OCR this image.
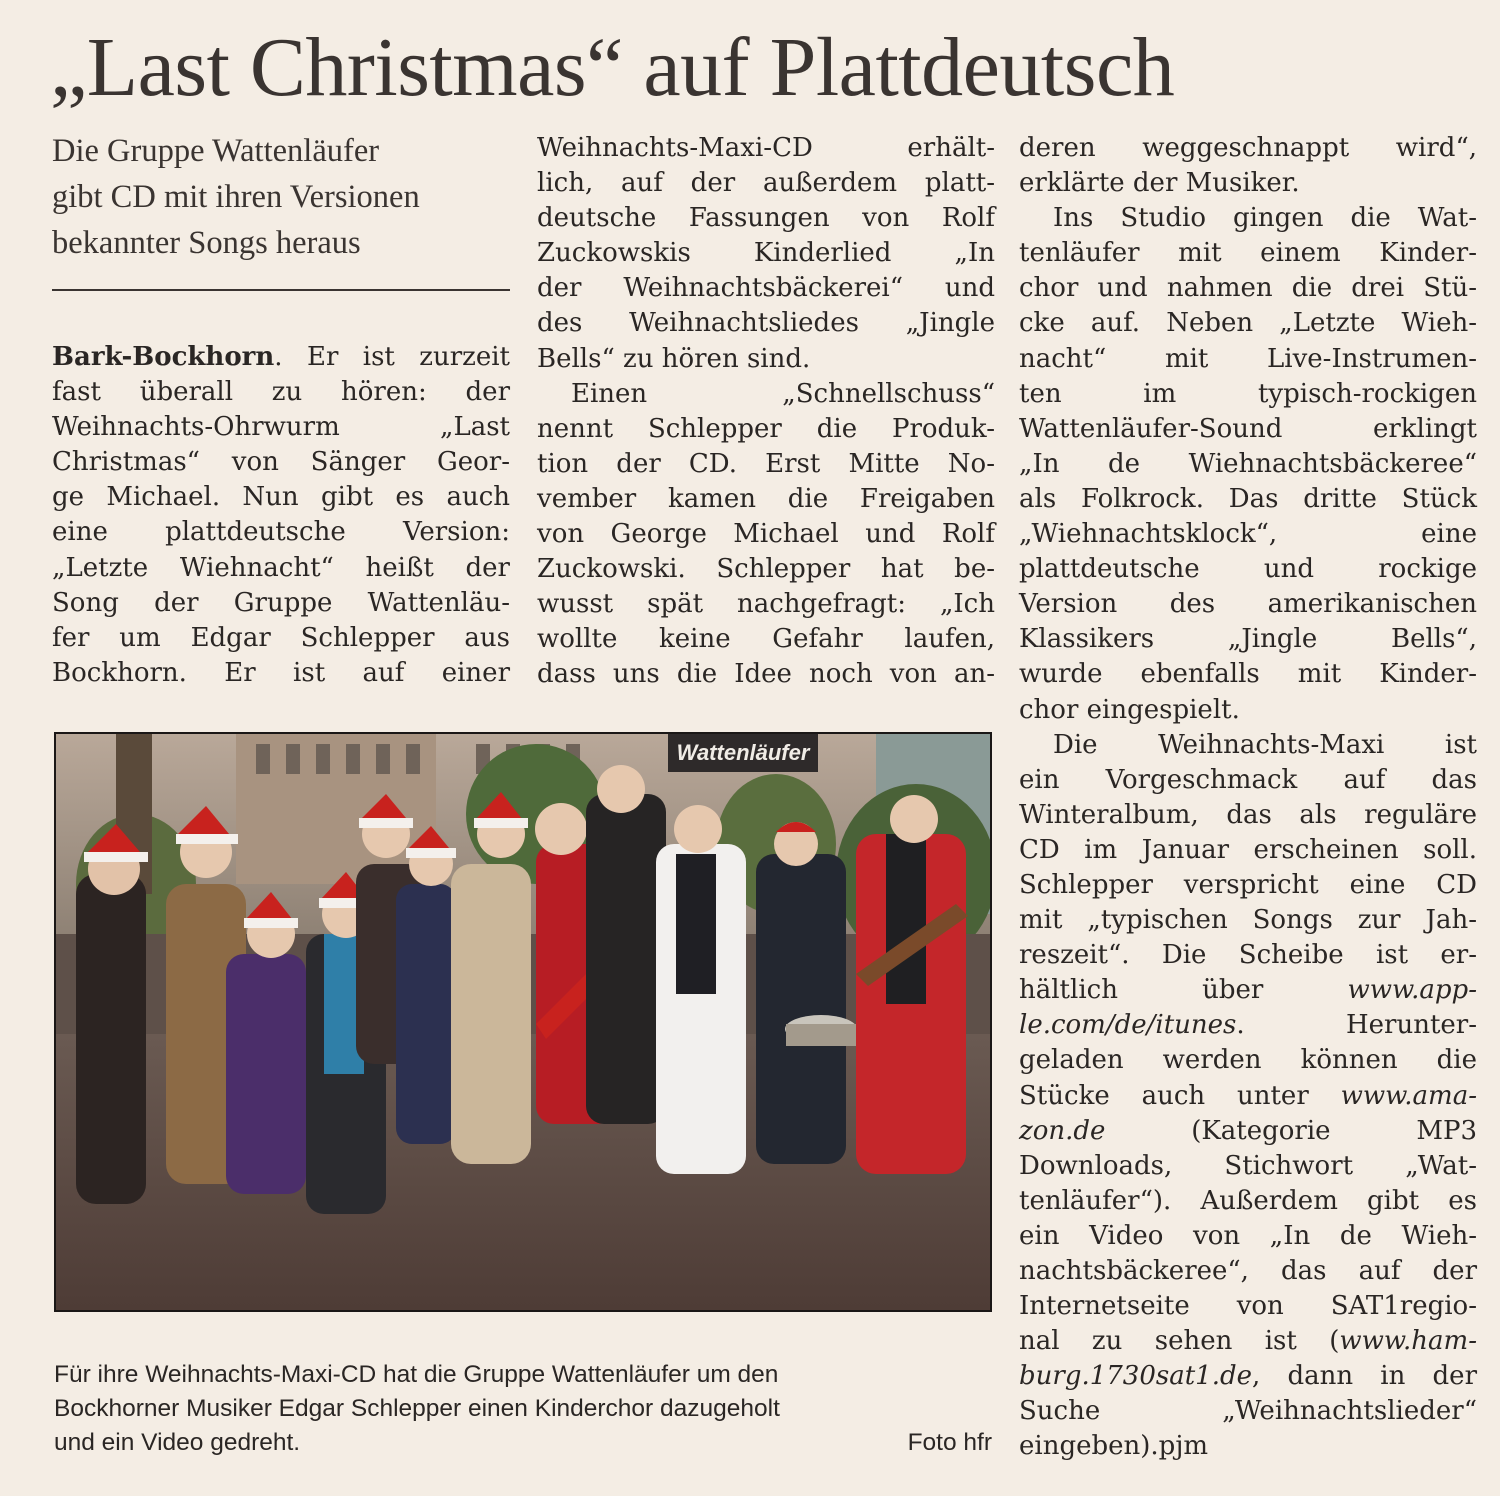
„Last Christmas“ auf Plattdeutsch
Die Gruppe Wattenläufer
gibt CD mit ihren Versionen
bekannter Songs heraus
Bark-Bockhorn. Er ist zurzeit
fast überall zu hören: der
Weihnachts-Ohrwurm „Last
Christmas“ von Sänger Geor-
ge Michael. Nun gibt es auch
eine plattdeutsche Version:
„Letzte Wiehnacht“ heißt der
Song der Gruppe Wattenläu-
fer um Edgar Schlepper aus
Bockhorn. Er ist auf einer
Weihnachts-Maxi-CD erhält-
lich, auf der außerdem platt-
deutsche Fassungen von Rolf
Zuckowskis Kinderlied „In
der Weihnachtsbäckerei“ und
des Weihnachtsliedes „Jingle
Bells“ zu hören sind.
Einen „Schnellschuss“
nennt Schlepper die Produk-
tion der CD. Erst Mitte No-
vember kamen die Freigaben
von George Michael und Rolf
Zuckowski. Schlepper hat be-
wusst spät nachgefragt: „Ich
wollte keine Gefahr laufen,
dass uns die Idee noch von an-
deren weggeschnappt wird“,
erklärte der Musiker.
Ins Studio gingen die Wat-
tenläufer mit einem Kinder-
chor und nahmen die drei Stü-
cke auf. Neben „Letzte Wieh-
nacht“ mit Live-Instrumen-
ten im typisch-rockigen
Wattenläufer-Sound erklingt
„In de Wiehnachtsbäckeree“
als Folkrock. Das dritte Stück
„Wiehnachtsklock“, eine
plattdeutsche und rockige
Version des amerikanischen
Klassikers „Jingle Bells“,
wurde ebenfalls mit Kinder-
chor eingespielt.
Die Weihnachts-Maxi ist
ein Vorgeschmack auf das
Winteralbum, das als reguläre
CD im Januar erscheinen soll.
Schlepper verspricht eine CD
mit „typischen Songs zur Jah-
reszeit“. Die Scheibe ist er-
hältlich über www.app-
le.com/de/itunes. Herunter-
geladen werden können die
Stücke auch unter www.ama-
zon.de (Kategorie MP3
Downloads, Stichwort „Wat-
tenläufer“). Außerdem gibt es
ein Video von „In de Wieh-
nachtsbäckeree“, das auf der
Internetseite von SAT1regio-
nal zu sehen ist (www.ham-
burg.1730sat1.de, dann in der
Suche „Weihnachtslieder“
eingeben).pjm
Wattenläufer
Für ihre Weihnachts-Maxi-CD hat die Gruppe Wattenläufer um den
Bockhorner Musiker Edgar Schlepper einen Kinderchor dazugeholt
und ein Video gedreht.	Foto hfr
